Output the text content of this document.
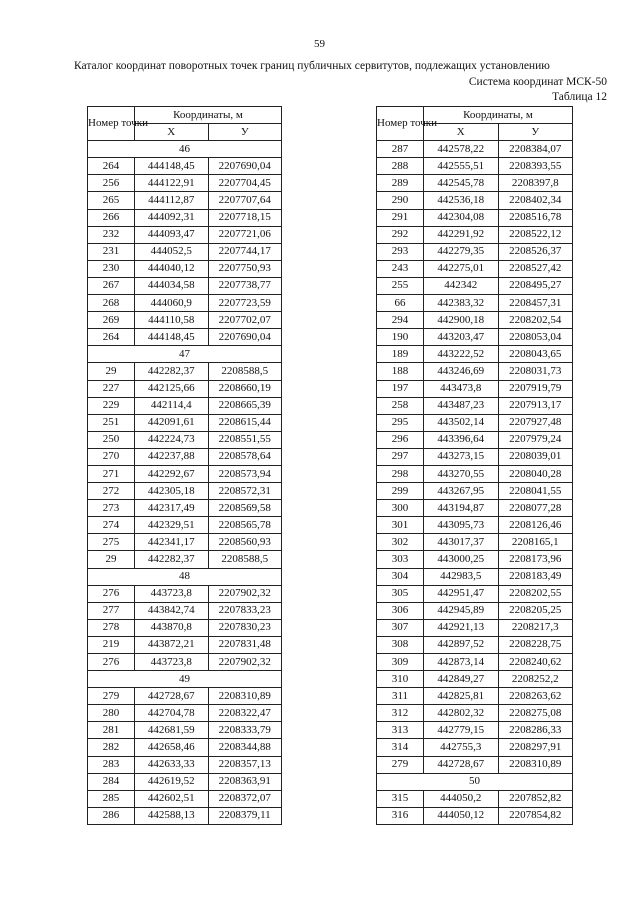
59
Каталог координат поворотных точек границ публичных сервитутов, подлежащих установлению
Система координат МСК-50
Таблица 12
Номер точки	Координаты, м	
	X	У
46		
264	444148,45	2207690,04
256	444122,91	2207704,45
265	444112,87	2207707,64
266	444092,31	2207718,15
232	444093,47	2207721,06
231	444052,5	2207744,17
230	444040,12	2207750,93
267	444034,58	2207738,77
268	444060,9	2207723,59
269	444110,58	2207702,07
264	444148,45	2207690,04
47		
29	442282,37	2208588,5
227	442125,66	2208660,19
229	442114,4	2208665,39
251	442091,61	2208615,44
250	442224,73	2208551,55
270	442237,88	2208578,64
271	442292,67	2208573,94
272	442305,18	2208572,31
273	442317,49	2208569,58
274	442329,51	2208565,78
275	442341,17	2208560,93
29	442282,37	2208588,5
48		
276	443723,8	2207902,32
277	443842,74	2207833,23
278	443870,8	2207830,23
219	443872,21	2207831,48
276	443723,8	2207902,32
49		
279	442728,67	2208310,89
280	442704,78	2208322,47
281	442681,59	2208333,79
282	442658,46	2208344,88
283	442633,33	2208357,13
284	442619,52	2208363,91
285	442602,51	2208372,07
286	442588,13	2208379,11
Номер точки	Координаты, м	
	X	У
287	442578,22	2208384,07
288	442555,51	2208393,55
289	442545,78	2208397,8
290	442536,18	2208402,34
291	442304,08	2208516,78
292	442291,92	2208522,12
293	442279,35	2208526,37
243	442275,01	2208527,42
255	442342	2208495,27
66	442383,32	2208457,31
294	442900,18	2208202,54
190	443203,47	2208053,04
189	443222,52	2208043,65
188	443246,69	2208031,73
197	443473,8	2207919,79
258	443487,23	2207913,17
295	443502,14	2207927,48
296	443396,64	2207979,24
297	443273,15	2208039,01
298	443270,55	2208040,28
299	443267,95	2208041,55
300	443194,87	2208077,28
301	443095,73	2208126,46
302	443017,37	2208165,1
303	443000,25	2208173,96
304	442983,5	2208183,49
305	442951,47	2208202,55
306	442945,89	2208205,25
307	442921,13	2208217,3
308	442897,52	2208228,75
309	442873,14	2208240,62
310	442849,27	2208252,2
311	442825,81	2208263,62
312	442802,32	2208275,08
313	442779,15	2208286,33
314	442755,3	2208297,91
279	442728,67	2208310,89
50		
315	444050,2	2207852,82
316	444050,12	2207854,82
